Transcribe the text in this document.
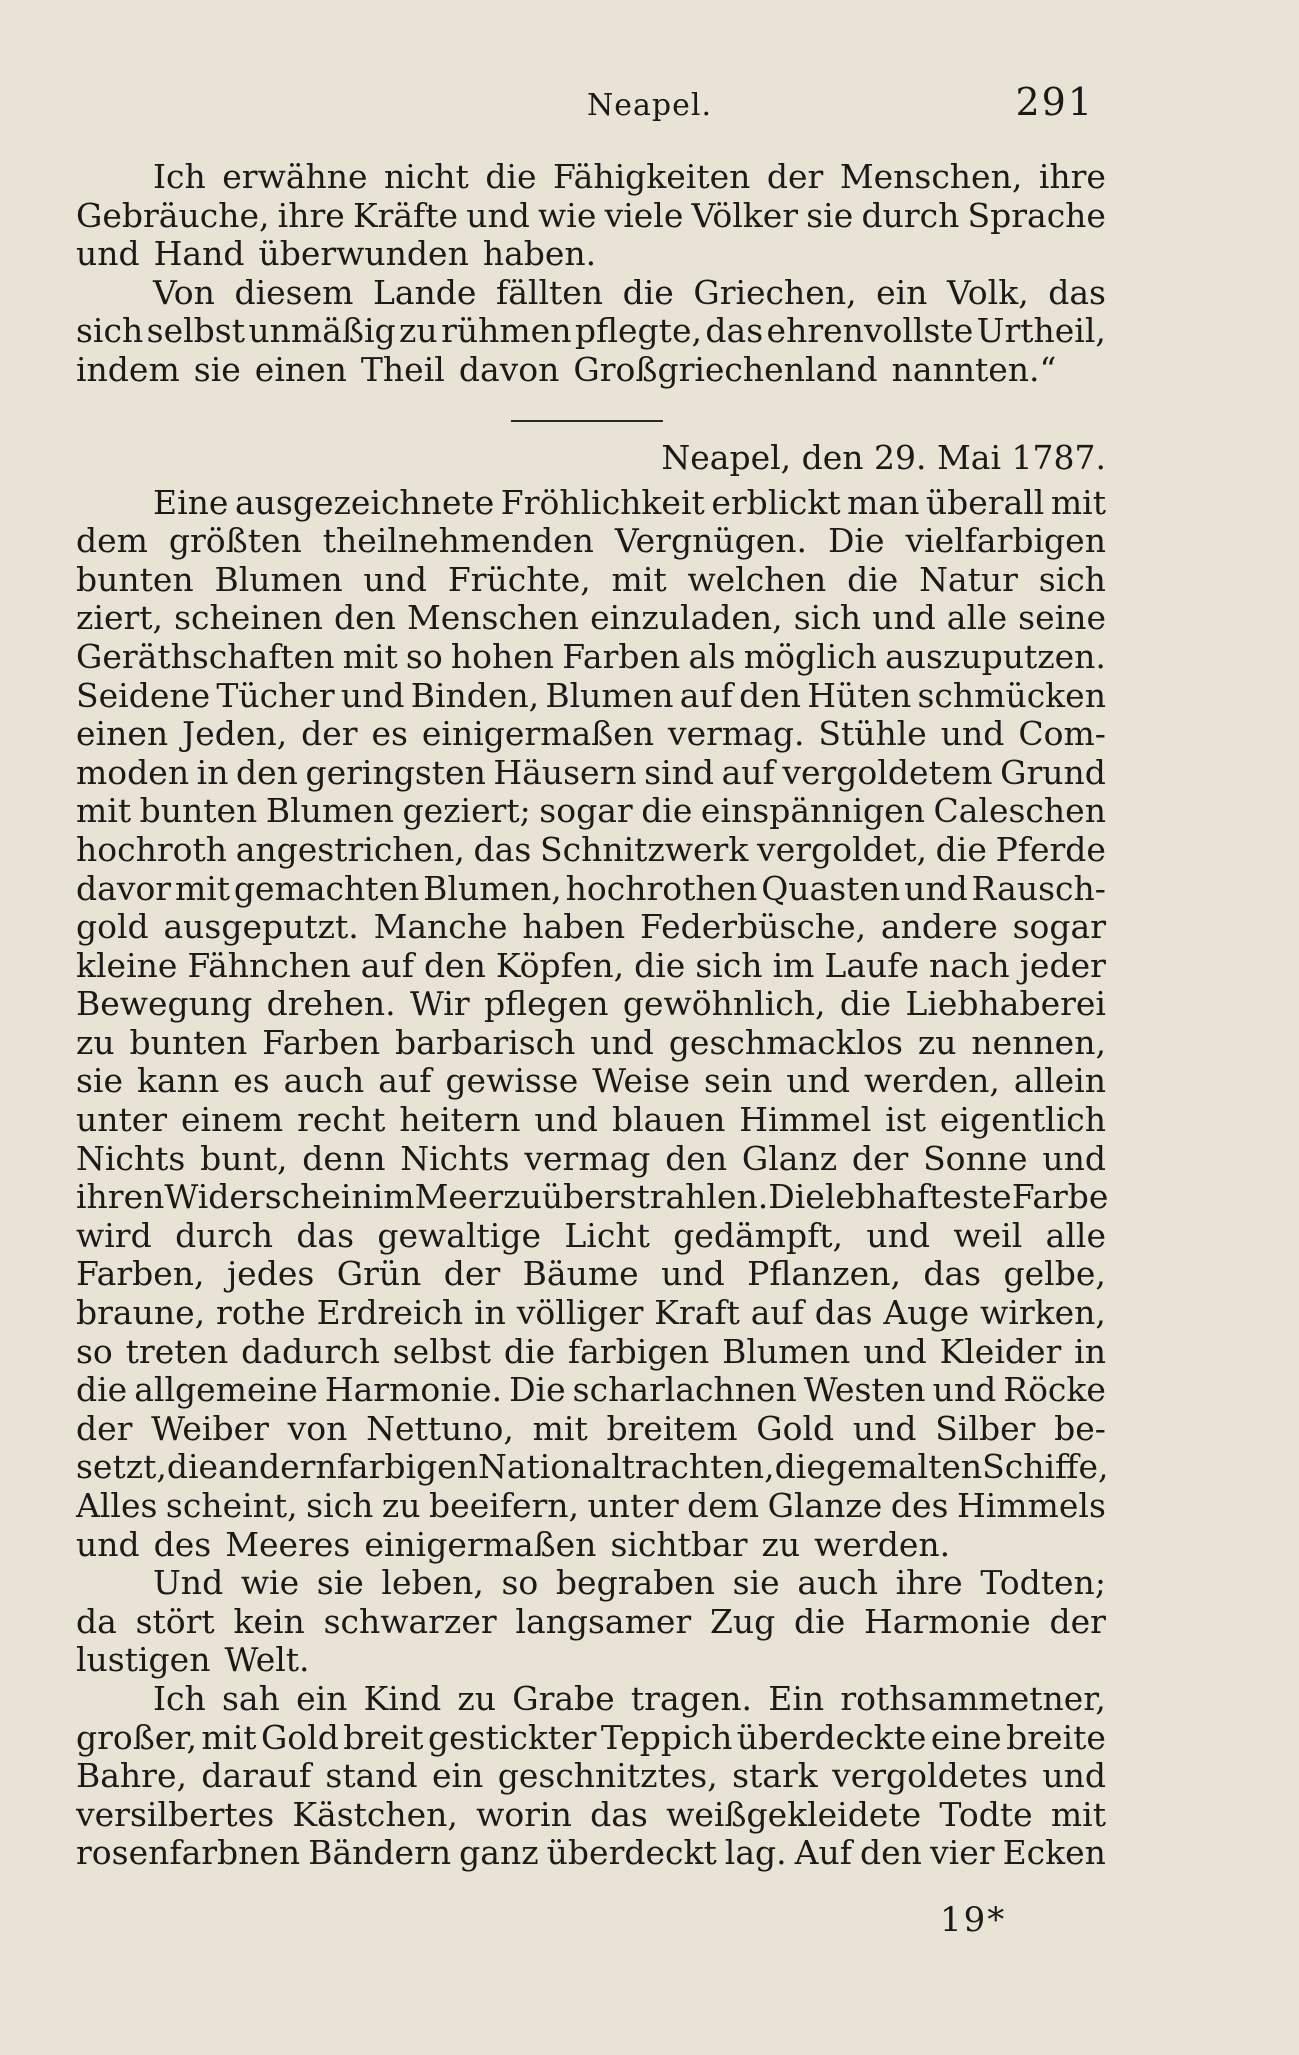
Neapel.	291
Ich erwähne nicht die Fähigkeiten der Menschen, ihre
Gebräuche, ihre Kräfte und wie viele Völker sie durch Sprache
und Hand überwunden haben.
Von diesem Lande fällten die Griechen, ein Volk, das
sich selbst unmäßig zu rühmen pflegte, das ehrenvollste Urtheil,
indem sie einen Theil davon Großgriechenland nannten.“
Neapel, den 29. Mai 1787.
Eine ausgezeichnete Fröhlichkeit erblickt man überall mit
dem größten theilnehmenden Vergnügen. Die vielfarbigen
bunten Blumen und Früchte, mit welchen die Natur sich
ziert, scheinen den Menschen einzuladen, sich und alle seine
Geräthschaften mit so hohen Farben als möglich auszuputzen.
Seidene Tücher und Binden, Blumen auf den Hüten schmücken
einen Jeden, der es einigermaßen vermag. Stühle und Com-
moden in den geringsten Häusern sind auf vergoldetem Grund
mit bunten Blumen geziert; sogar die einspännigen Caleschen
hochroth angestrichen, das Schnitzwerk vergoldet, die Pferde
davor mit gemachten Blumen, hochrothen Quasten und Rausch-
gold ausgeputzt. Manche haben Federbüsche, andere sogar
kleine Fähnchen auf den Köpfen, die sich im Laufe nach jeder
Bewegung drehen. Wir pflegen gewöhnlich, die Liebhaberei
zu bunten Farben barbarisch und geschmacklos zu nennen,
sie kann es auch auf gewisse Weise sein und werden, allein
unter einem recht heitern und blauen Himmel ist eigentlich
Nichts bunt, denn Nichts vermag den Glanz der Sonne und
ihren Widerschein im Meer zu überstrahlen. Die lebhafteste Farbe
wird durch das gewaltige Licht gedämpft, und weil alle
Farben, jedes Grün der Bäume und Pflanzen, das gelbe,
braune, rothe Erdreich in völliger Kraft auf das Auge wirken,
so treten dadurch selbst die farbigen Blumen und Kleider in
die allgemeine Harmonie. Die scharlachnen Westen und Röcke
der Weiber von Nettuno, mit breitem Gold und Silber be-
setzt, die andern farbigen Nationaltrachten, die gemalten Schiffe,
Alles scheint, sich zu beeifern, unter dem Glanze des Himmels
und des Meeres einigermaßen sichtbar zu werden.
Und wie sie leben, so begraben sie auch ihre Todten;
da stört kein schwarzer langsamer Zug die Harmonie der
lustigen Welt.
Ich sah ein Kind zu Grabe tragen. Ein rothsammetner,
großer, mit Gold breit gestickter Teppich überdeckte eine breite
Bahre, darauf stand ein geschnitztes, stark vergoldetes und
versilbertes Kästchen, worin das weißgekleidete Todte mit
rosenfarbnen Bändern ganz überdeckt lag. Auf den vier Ecken
19*
